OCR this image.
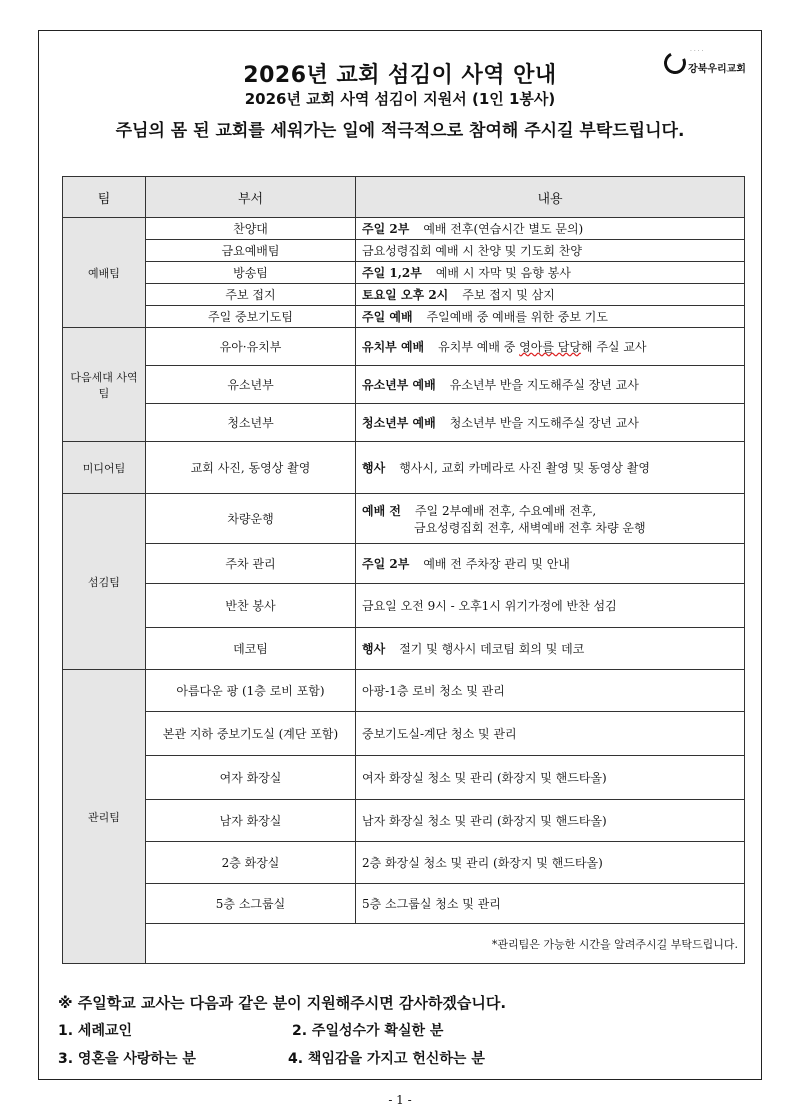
· · · ·
강북우리교회
2026년 교회 섬김이 사역 안내
2026년 교회 사역 섬김이 지원서 (1인 1봉사)
주님의 몸 된 교회를 세워가는 일에 적극적으로 참여해 주시길 부탁드립니다.
팀	부서	내용
예배팀	찬양대	주일 2부 예배 전후(연습시간 별도 문의)
	금요예배팀	금요성령집회 예배 시 찬양 및 기도회 찬양
	방송팀	주일 1,2부 예배 시 자막 및 음향 봉사
	주보 접지	토요일 오후 2시 주보 접지 및 삼지
	주일 중보기도팀	주일 예배 주일예배 중 예배를 위한 중보 기도
다음세대 사역팀	유아·유치부	유치부 예배 유치부 예배 중 영아를 담당해 주실 교사
	유소년부	유소년부 예배 유소년부 반을 지도해주실 장년 교사
	청소년부	청소년부 예배 청소년부 반을 지도해주실 장년 교사
미디어팀	교회 사진, 동영상 촬영	행사 행사시, 교회 카메라로 사진 촬영 및 동영상 촬영
섬김팀	차량운행	예배 전 주일 2부예배 전후, 수요예배 전후,
금요성령집회 전후, 새벽예배 전후 차량 운행
	주차 관리	주일 2부 예배 전 주차장 관리 및 안내
	반찬 봉사	금요일 오전 9시 - 오후1시 위기가정에 반찬 섬김
	데코팀	행사 절기 및 행사시 데코팀 회의 및 데코
관리팀	아름다운 팡 (1층 로비 포함)	아팡-1층 로비 청소 및 관리
	본관 지하 중보기도실 (계단 포함)	중보기도실-계단 청소 및 관리
	여자 화장실	여자 화장실 청소 및 관리 (화장지 및 핸드타올)
	남자 화장실	남자 화장실 청소 및 관리 (화장지 및 핸드타올)
	2층 화장실	2층 화장실 청소 및 관리 (화장지 및 핸드타올)
	5층 소그룹실	5층 소그룹실 청소 및 관리
	*관리팀은 가능한 시간을 알려주시길 부탁드립니다.	
※ 주일학교 교사는 다음과 같은 분이 지원해주시면 감사하겠습니다.
1. 세례교인	2. 주일성수가 확실한 분
3. 영혼을 사랑하는 분	4. 책임감을 가지고 헌신하는 분
- 1 -
